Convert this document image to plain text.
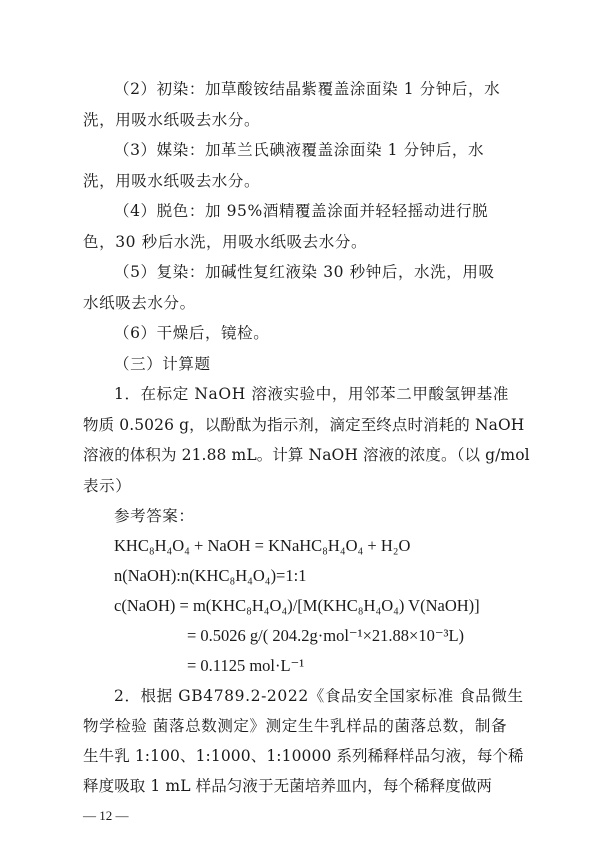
（2）初染：加草酸铵结晶紫覆盖涂面染 1 分钟后，水
洗，用吸水纸吸去水分。
（3）媒染：加革兰氏碘液覆盖涂面染 1 分钟后，水
洗，用吸水纸吸去水分。
（4）脱色：加 95%酒精覆盖涂面并轻轻摇动进行脱
色，30 秒后水洗，用吸水纸吸去水分。
（5）复染：加碱性复红液染 30 秒钟后，水洗，用吸
水纸吸去水分。
（6）干燥后，镜检。
（三）计算题
1．在标定 NaOH 溶液实验中，用邻苯二甲酸氢钾基准
物质 0.5026 g，以酚酞为指示剂，滴定至终点时消耗的 NaOH
溶液的体积为 21.88 mL。计算 NaOH 溶液的浓度。（以 g/mol
表示）
参考答案：
KHC₈H₄O₄ + NaOH = KNaHC₈H₄O₄ + H₂O
n(NaOH):n(KHC₈H₄O₄)=1:1
c(NaOH) = m(KHC₈H₄O₄)/[M(KHC₈H₄O₄) V(NaOH)]
= 0.5026 g/( 204.2g·mol⁻¹×21.88×10⁻³L)
= 0.1125 mol·L⁻¹
2．根据 GB4789.2-2022《食品安全国家标准 食品微生
物学检验 菌落总数测定》测定生牛乳样品的菌落总数，制备
生牛乳 1:100、1:1000、1:10000 系列稀释样品匀液，每个稀
释度吸取 1 mL 样品匀液于无菌培养皿内，每个稀释度做两
— 12 —
